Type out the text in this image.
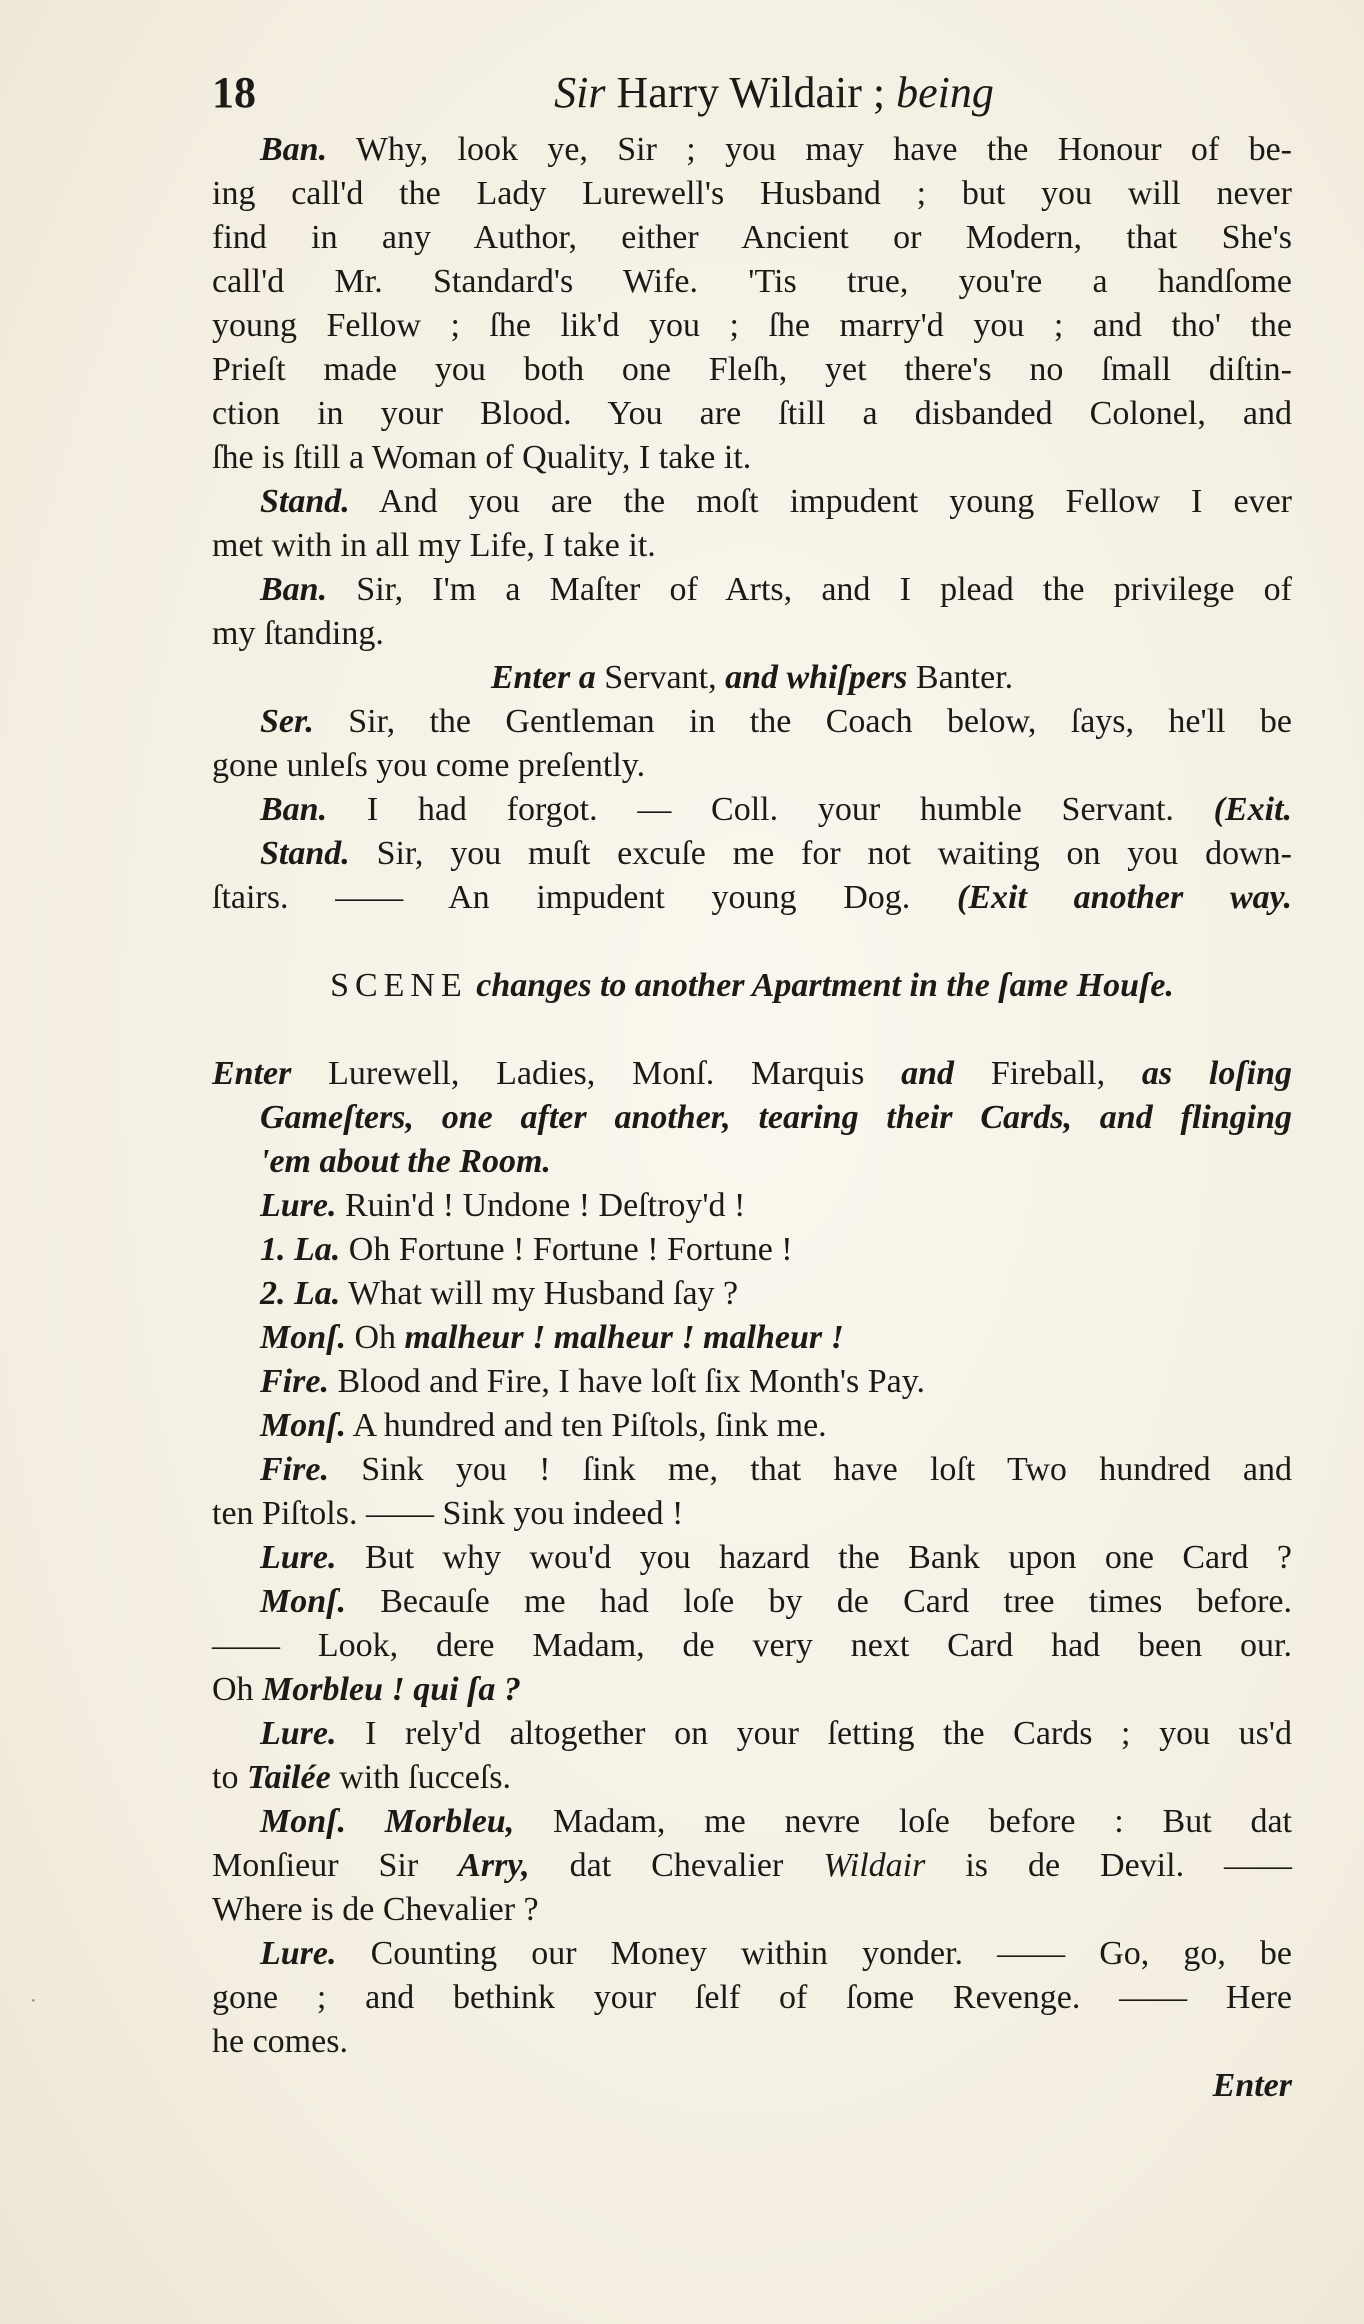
18	Sir Harry Wildair ; being
Ban. Why, look ye, Sir ; you may have the Honour of be-
ing call'd the Lady Lurewell's Husband ; but you will never
find in any Author, either Ancient or Modern, that She's
call'd Mr. Standard's Wife. 'Tis true, you're a handſome
young Fellow ; ſhe lik'd you ; ſhe marry'd you ; and tho' the
Prieſt made you both one Fleſh, yet there's no ſmall diſtin-
ction in your Blood. You are ſtill a disbanded Colonel, and
ſhe is ſtill a Woman of Quality, I take it.
Stand. And you are the moſt impudent young Fellow I ever
met with in all my Life, I take it.
Ban. Sir, I'm a Maſter of Arts, and I plead the privilege of
my ſtanding.
Enter a Servant, and whiſpers Banter.
Ser. Sir, the Gentleman in the Coach below, ſays, he'll be
gone unleſs you come preſently.
Ban. I had forgot. — Coll. your humble Servant. (Exit.
Stand. Sir, you muſt excuſe me for not waiting on you down-
ſtairs. —— An impudent young Dog. (Exit another way.
SCENE changes to another Apartment in the ſame Houſe.
Enter Lurewell, Ladies, Monſ. Marquis and Fireball, as loſing
Gameſters, one after another, tearing their Cards, and flinging
'em about the Room.
Lure. Ruin'd ! Undone ! Deſtroy'd !
1. La. Oh Fortune ! Fortune ! Fortune !
2. La. What will my Husband ſay ?
Monſ. Oh malheur ! malheur ! malheur !
Fire. Blood and Fire, I have loſt ſix Month's Pay.
Monſ. A hundred and ten Piſtols, ſink me.
Fire. Sink you ! ſink me, that have loſt Two hundred and
ten Piſtols. —— Sink you indeed !
Lure. But why wou'd you hazard the Bank upon one Card ?
Monſ. Becauſe me had loſe by de Card tree times before.
—— Look, dere Madam, de very next Card had been our.
Oh Morbleu ! qui ſa ?
Lure. I rely'd altogether on your ſetting the Cards ; you us'd
to Tailée with ſucceſs.
Monſ. Morbleu, Madam, me nevre loſe before : But dat
Monſieur Sir Arry, dat Chevalier Wildair is de Devil. ——
Where is de Chevalier ?
Lure. Counting our Money within yonder. —— Go, go, be
gone ; and bethink your ſelf of ſome Revenge. —— Here
he comes.
Enter
·
